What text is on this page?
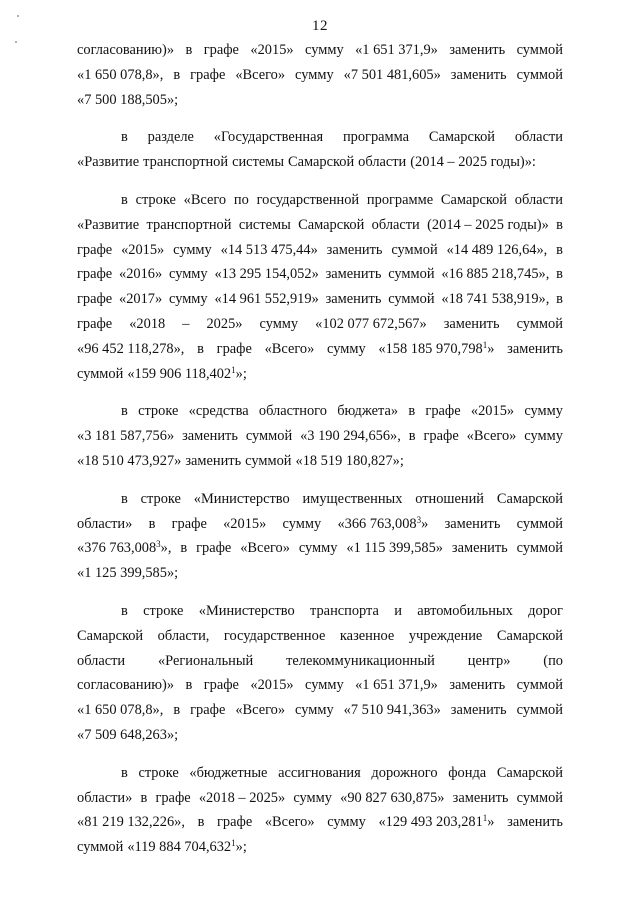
12
согласованию)» в графе «2015» сумму «1 651 371,9» заменить суммой
«1 650 078,8», в графе «Всего» сумму «7 501 481,605» заменить суммой
«7 500 188,505»;
в разделе «Государственная программа Самарской области
«Развитие транспортной системы Самарской области (2014 – 2025 годы)»:
в строке «Всего по государственной программе Самарской области
«Развитие транспортной системы Самарской области (2014 – 2025 годы)» в
графе «2015» сумму «14 513 475,44» заменить суммой «14 489 126,64», в
графе «2016» сумму «13 295 154,052» заменить суммой «16 885 218,745», в
графе «2017» сумму «14 961 552,919» заменить суммой «18 741 538,919», в
графе «2018 – 2025» сумму «102 077 672,567» заменить суммой
«96 452 118,278», в графе «Всего» сумму «158 185 970,798$^1$» заменить
суммой «159 906 118,402$^1$»;
в строке «средства областного бюджета» в графе «2015» сумму
«3 181 587,756» заменить суммой «3 190 294,656», в графе «Всего» сумму
«18 510 473,927» заменить суммой «18 519 180,827»;
в строке «Министерство имущественных отношений Самарской
области» в графе «2015» сумму «366 763,008$^3$» заменить суммой
«376 763,008$^3$», в графе «Всего» сумму «1 115 399,585» заменить суммой
«1 125 399,585»;
в строке «Министерство транспорта и автомобильных дорог
Самарской области, государственное казенное учреждение Самарской
области «Региональный телекоммуникационный центр» (по
согласованию)» в графе «2015» сумму «1 651 371,9» заменить суммой
«1 650 078,8», в графе «Всего» сумму «7 510 941,363» заменить суммой
«7 509 648,263»;
в строке «бюджетные ассигнования дорожного фонда Самарской
области» в графе «2018 – 2025» сумму «90 827 630,875» заменить суммой
«81 219 132,226», в графе «Всего» сумму «129 493 203,281$^1$» заменить
суммой «119 884 704,632$^1$»;
